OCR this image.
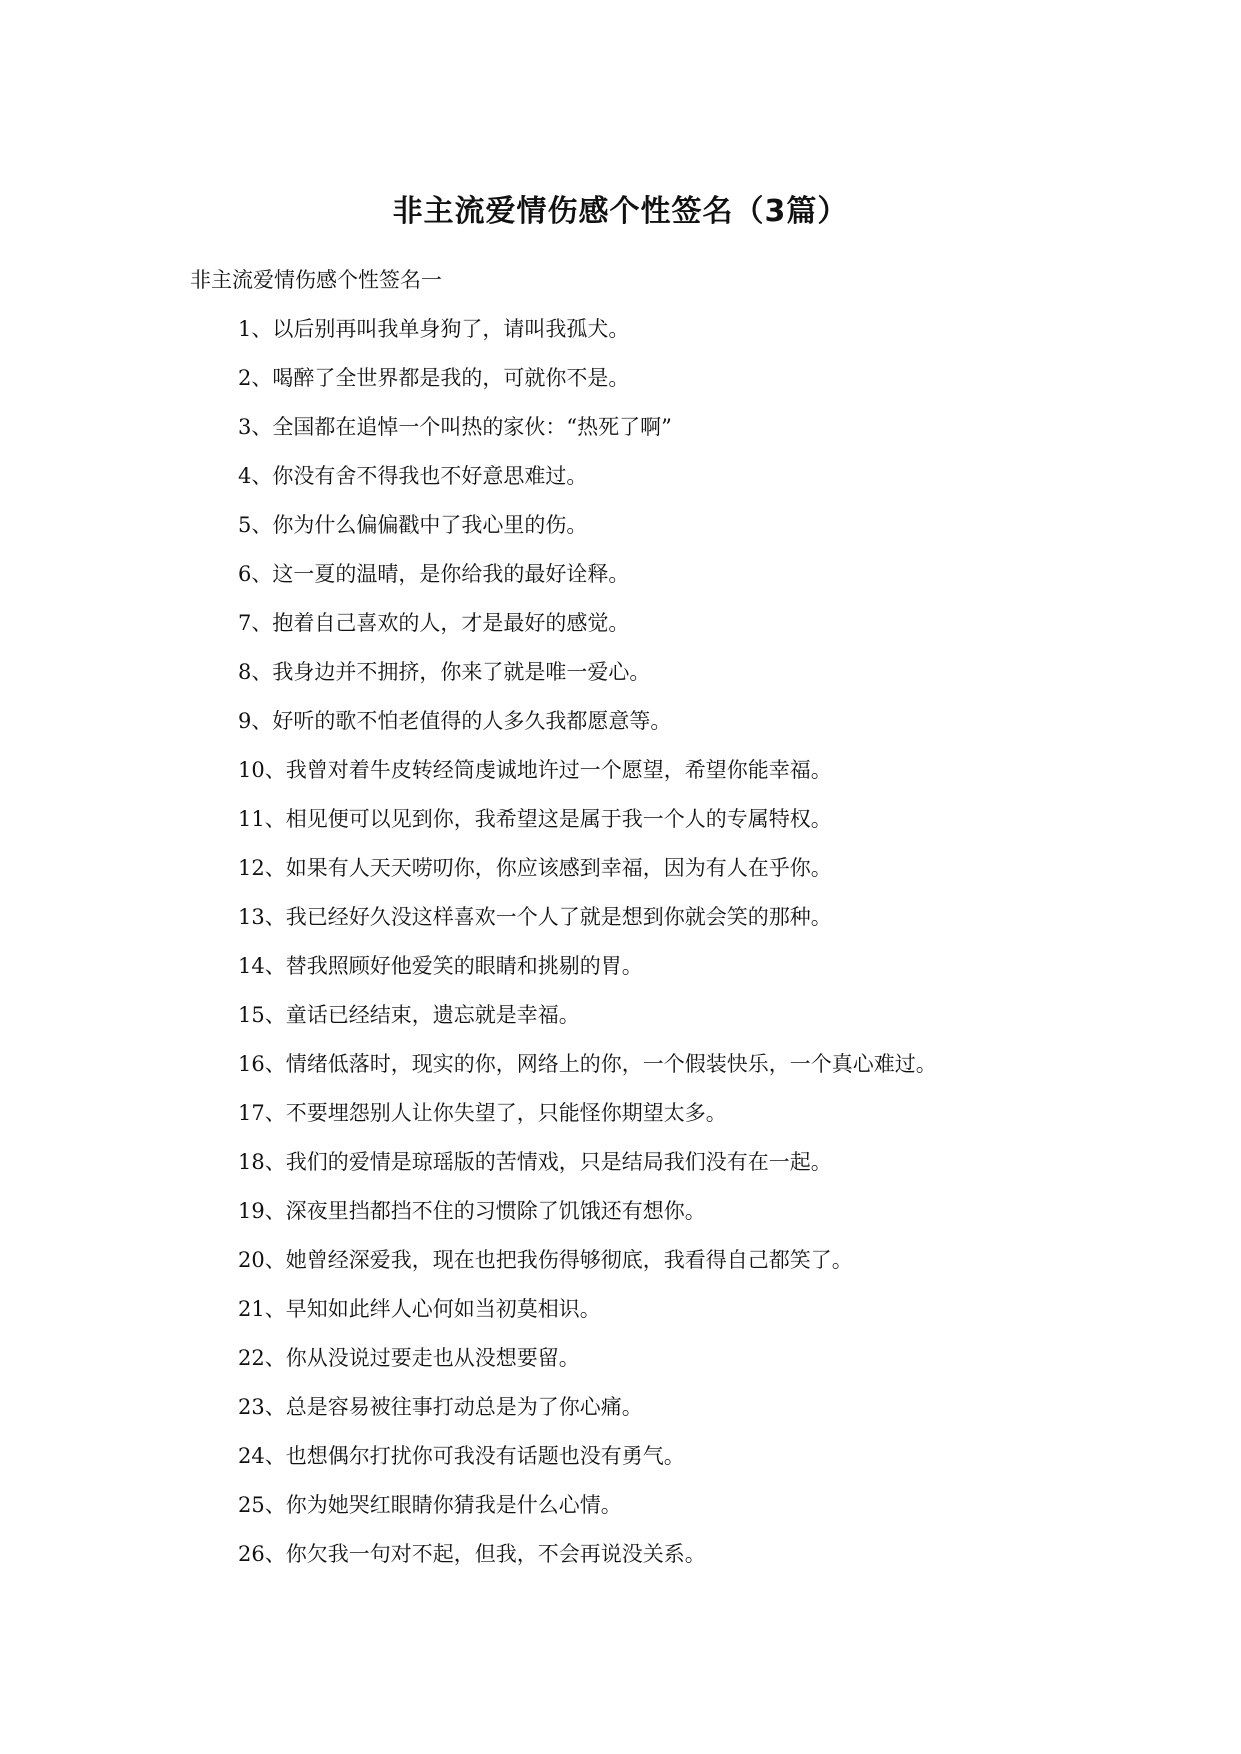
非主流爱情伤感个性签名（3篇）

非主流爱情伤感个性签名一

1、以后别再叫我单身狗了，请叫我孤犬。
2、喝醉了全世界都是我的，可就你不是。
3、全国都在追悼一个叫热的家伙：“热死了啊”
4、你没有舍不得我也不好意思难过。
5、你为什么偏偏戳中了我心里的伤。
6、这一夏的温晴，是你给我的最好诠释。
7、抱着自己喜欢的人，才是最好的感觉。
8、我身边并不拥挤，你来了就是唯一爱心。
9、好听的歌不怕老值得的人多久我都愿意等。
10、我曾对着牛皮转经筒虔诚地许过一个愿望，希望你能幸福。
11、相见便可以见到你，我希望这是属于我一个人的专属特权。
12、如果有人天天唠叨你，你应该感到幸福，因为有人在乎你。
13、我已经好久没这样喜欢一个人了就是想到你就会笑的那种。
14、替我照顾好他爱笑的眼睛和挑剔的胃。
15、童话已经结束，遗忘就是幸福。
16、情绪低落时，现实的你，网络上的你，一个假装快乐，一个真心难过。
17、不要埋怨别人让你失望了，只能怪你期望太多。
18、我们的爱情是琼瑶版的苦情戏，只是结局我们没有在一起。
19、深夜里挡都挡不住的习惯除了饥饿还有想你。
20、她曾经深爱我，现在也把我伤得够彻底，我看得自己都笑了。
21、早知如此绊人心何如当初莫相识。
22、你从没说过要走也从没想要留。
23、总是容易被往事打动总是为了你心痛。
24、也想偶尔打扰你可我没有话题也没有勇气。
25、你为她哭红眼睛你猜我是什么心情。
26、你欠我一句对不起，但我，不会再说没关系。
